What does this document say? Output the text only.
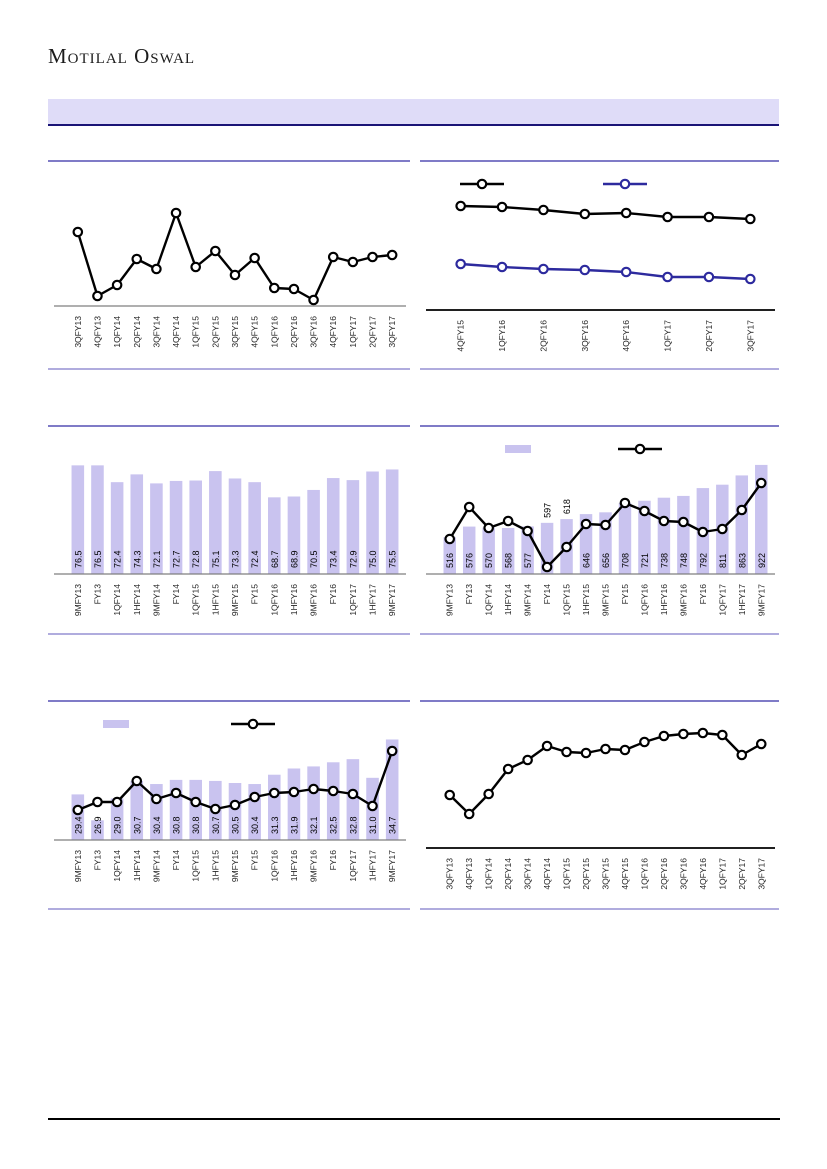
Motilal Oswal
3QFY13 4QFY13 1QFY14 2QFY14 3QFY14 4QFY14 1QFY15 2QFY15 3QFY15 4QFY15 1QFY16 2QFY16 3QFY16 4QFY16 1QFY17 2QFY17 3QFY17	4QFY15	1QFY16	2QFY16	3QFY16	4QFY16	1QFY17	2QFY17	3QFY17
76.5 76.5 72.4 74.3 72.1 72.7 72.8 75.1 73.3 72.4 68.7 68.9 70.5 73.4 72.9 75.0 75.5
9MFY13 FY13 1QFY14 1HFY14 9MFY14 FY14 1QFY15 1HFY15 9MFY15 FY15 1QFY16 1HFY16 9MFY16 FY16 1QFY17 1HFY17 9MFY17
516 576 570 568 577
597 618
646 656 708 721 738 748 792 811 863 922
9MFY13 FY13 1QFY14 1HFY14 9MFY14 FY14 1QFY15 1HFY15 9MFY15 FY15 1QFY16 1HFY16 9MFY16 FY16 1QFY17 1HFY17 9MFY17
29.4 26.9 29.0 30.7 30.4 30.8 30.8 30.7 30.5 30.4 31.3 31.9 32.1 32.5 32.8 31.0 34.7
9MFY13 FY13 1QFY14 1HFY14 9MFY14 FY14 1QFY15 1HFY15 9MFY15 FY15 1QFY16 1HFY16 9MFY16 FY16 1QFY17 1HFY17 9MFY17	3QFY13 4QFY13 1QFY14 2QFY14 3QFY14 4QFY14 1QFY15 2QFY15 3QFY15 4QFY15 1QFY16 2QFY16 3QFY16 4QFY16 1QFY17 2QFY17 3QFY17
